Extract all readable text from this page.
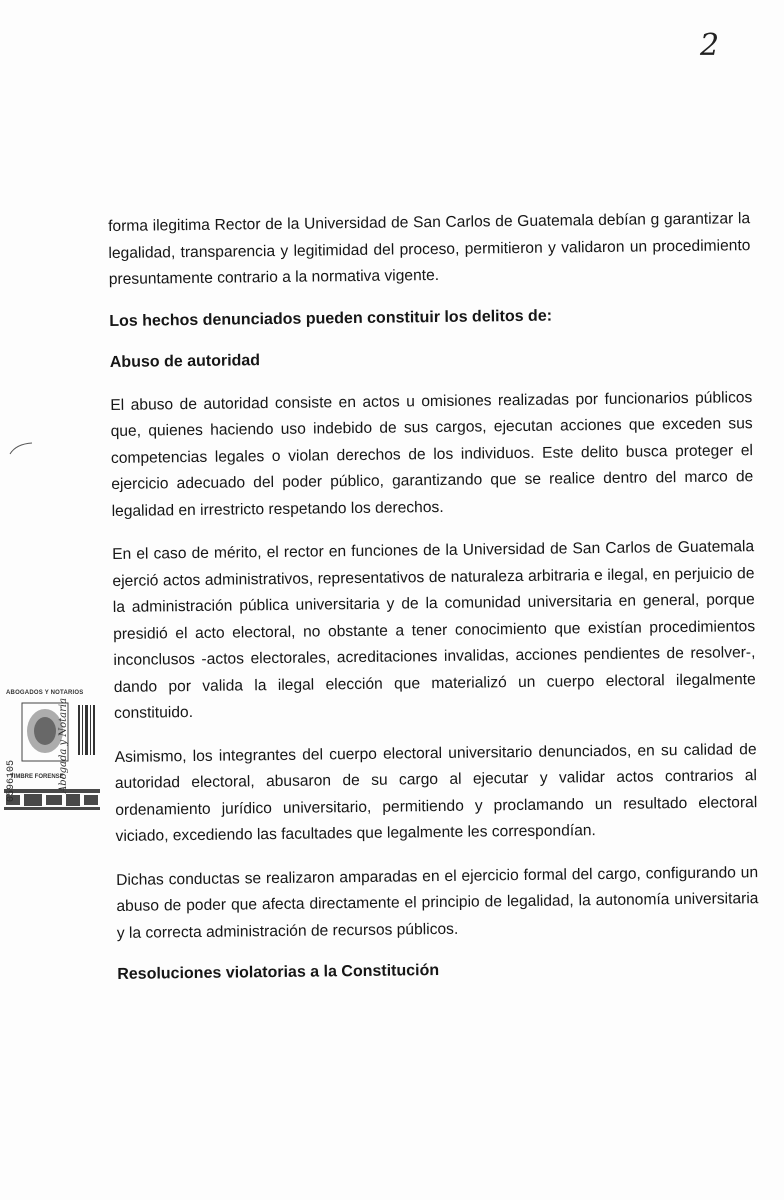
2

forma ilegitima Rector de la Universidad de San Carlos de Guatemala debían g garantizar la legalidad, transparencia y legitimidad del proceso, permitieron y validaron un procedimiento presuntamente contrario a la normativa vigente.

Los hechos denunciados pueden constituir los delitos de:
Abuso de autoridad

El abuso de autoridad consiste en actos u omisiones realizadas por funcionarios públicos que, quienes haciendo uso indebido de sus cargos, ejecutan acciones que exceden sus competencias legales o violan derechos de los individuos. Este delito busca proteger el ejercicio adecuado del poder público, garantizando que se realice dentro del marco de legalidad en irrestricto respetando los derechos.

En el caso de mérito, el rector en funciones de la Universidad de San Carlos de Guatemala ejerció actos administrativos, representativos de naturaleza arbitraria e ilegal, en perjuicio de la administración pública universitaria y de la comunidad universitaria en general, porque presidió el acto electoral, no obstante a tener conocimiento que existían procedimientos inconclusos -actos electorales, acreditaciones invalidas, acciones pendientes de resolver-, dando por valida la ilegal elección que materializó un cuerpo electoral ilegalmente constituido.

Asimismo, los integrantes del cuerpo electoral universitario denunciados, en su calidad de autoridad electoral, abusaron de su cargo al ejecutar y validar actos contrarios al ordenamiento jurídico universitario, permitiendo y proclamando un resultado electoral viciado, excediendo las facultades que legalmente les correspondían.

Dichas conductas se realizaron amparadas en el ejercicio formal del cargo, configurando un abuso de poder que afecta directamente el principio de legalidad, la autonomía universitaria y la correcta administración de recursos públicos.

Resoluciones violatorias a la Constitución
ABOGADOS Y NOTARIOS
0596105
TIMBRE FORENSE
Abogada y Notaria
